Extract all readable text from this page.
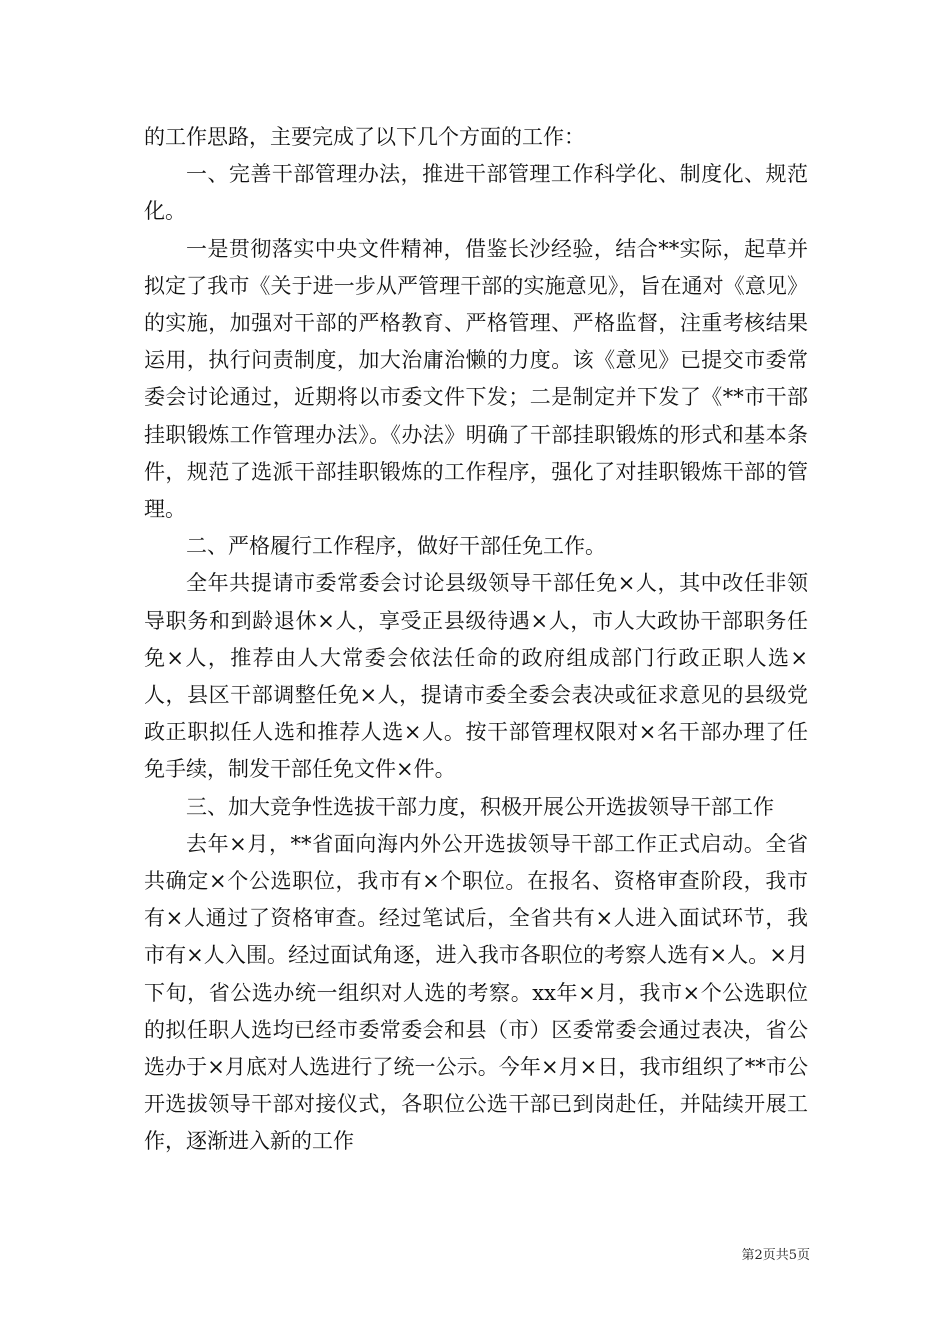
的工作思路，主要完成了以下几个方面的工作：

一、完善干部管理办法，推进干部管理工作科学化、制度化、规范化。

一是贯彻落实中央文件精神，借鉴长沙经验，结合**实际，起草并拟定了我市《关于进一步从严管理干部的实施意见》，旨在通对《意见》的实施，加强对干部的严格教育、严格管理、严格监督，注重考核结果运用，执行问责制度，加大治庸治懒的力度。该《意见》已提交市委常委会讨论通过，近期将以市委文件下发；二是制定并下发了《**市干部挂职锻炼工作管理办法》。《办法》明确了干部挂职锻炼的形式和基本条件，规范了选派干部挂职锻炼的工作程序，强化了对挂职锻炼干部的管理。

二、严格履行工作程序，做好干部任免工作。

全年共提请市委常委会讨论县级领导干部任免×人，其中改任非领导职务和到龄退休×人，享受正县级待遇×人，市人大政协干部职务任免×人，推荐由人大常委会依法任命的政府组成部门行政正职人选×人，县区干部调整任免×人，提请市委全委会表决或征求意见的县级党政正职拟任人选和推荐人选×人。按干部管理权限对×名干部办理了任免手续，制发干部任免文件×件。

三、加大竞争性选拔干部力度，积极开展公开选拔领导干部工作

去年×月，**省面向海内外公开选拔领导干部工作正式启动。全省共确定×个公选职位，我市有×个职位。在报名、资格审查阶段，我市有×人通过了资格审查。经过笔试后，全省共有×人进入面试环节，我市有×人入围。经过面试角逐，进入我市各职位的考察人选有×人。×月下旬，省公选办统一组织对人选的考察。xx年×月，我市×个公选职位的拟任职人选均已经市委常委会和县（市）区委常委会通过表决，省公选办于×月底对人选进行了统一公示。今年×月×日，我市组织了**市公开选拔领导干部对接仪式，各职位公选干部已到岗赴任，并陆续开展工作，逐渐进入新的工作

第2页共5页
